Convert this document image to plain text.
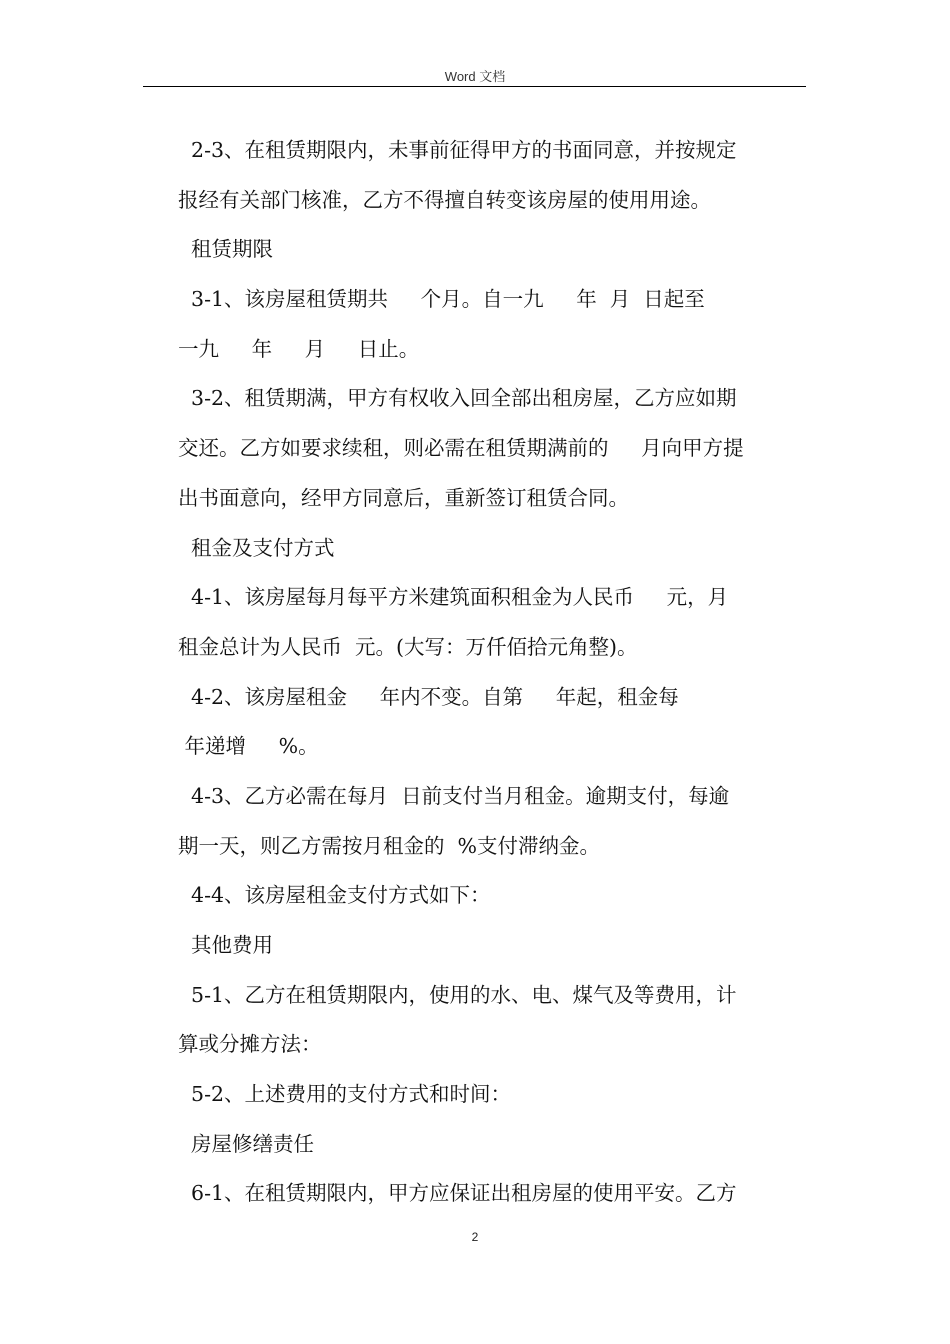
Word 文档
2-3、在租赁期限内，未事前征得甲方的书面同意，并按规定
报经有关部门核准，乙方不得擅自转变该房屋的使用用途。
租赁期限
3-1、该房屋租赁期共     个月。自一九     年  月  日起至
一九     年     月     日止。
3-2、租赁期满，甲方有权收入回全部出租房屋，乙方应如期
交还。乙方如要求续租，则必需在租赁期满前的     月向甲方提
出书面意向，经甲方同意后，重新签订租赁合同。
租金及支付方式
4-1、该房屋每月每平方米建筑面积租金为人民币     元，月
租金总计为人民币  元。(大写：万仟佰拾元角整)。
4-2、该房屋租金     年内不变。自第     年起，租金每
年递增     %。
4-3、乙方必需在每月  日前支付当月租金。逾期支付，每逾
期一天，则乙方需按月租金的  %支付滞纳金。
4-4、该房屋租金支付方式如下：
其他费用
5-1、乙方在租赁期限内，使用的水、电、煤气及等费用，计
算或分摊方法：
5-2、上述费用的支付方式和时间：
房屋修缮责任
6-1、在租赁期限内，甲方应保证出租房屋的使用平安。乙方
2
